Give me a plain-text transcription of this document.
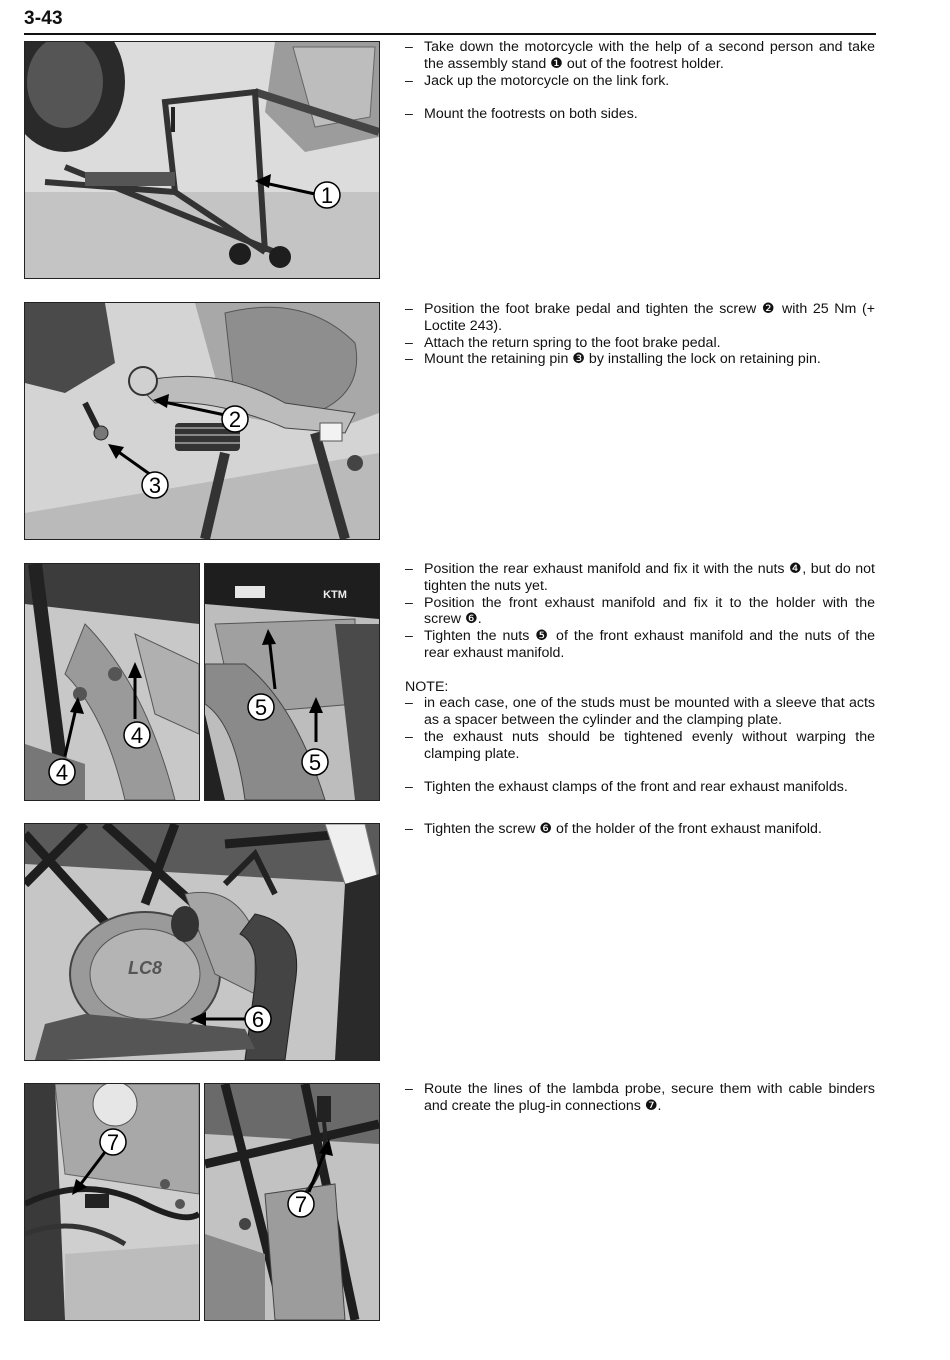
3-43
1
– Take down the motorcycle with the help of a second person and take the assembly stand ❶ out of the footrest holder.
– Jack up the motorcycle on the link fork.
– Mount the footrests on both sides.
2
3
– Position the foot brake pedal and tighten the screw ❷ with 25 Nm (+ Loctite 243).
– Attach the return spring to the foot brake pedal.
– Mount the retaining pin ❸ by installing the lock on retaining pin.
4
4
KTM
5
5
– Position the rear exhaust manifold and fix it with the nuts ❹, but do not tighten the nuts yet.
– Position the front exhaust manifold and fix it to the holder with the screw ❻.
– Tighten the nuts ❺ of the front exhaust manifold and the nuts of the rear exhaust manifold.
NOTE:
– in each case, one of the studs must be mounted with a sleeve that acts as a spacer between the cylinder and the clamping plate.
– the exhaust nuts should be tightened evenly without warping the clamping plate.
– Tighten the exhaust clamps of the front and rear exhaust manifolds.
LC8
6
– Tighten the screw ❻ of the holder of the front exhaust manifold.
7
7
– Route the lines of the lambda probe, secure them with cable binders and create the plug-in connections ❼.
